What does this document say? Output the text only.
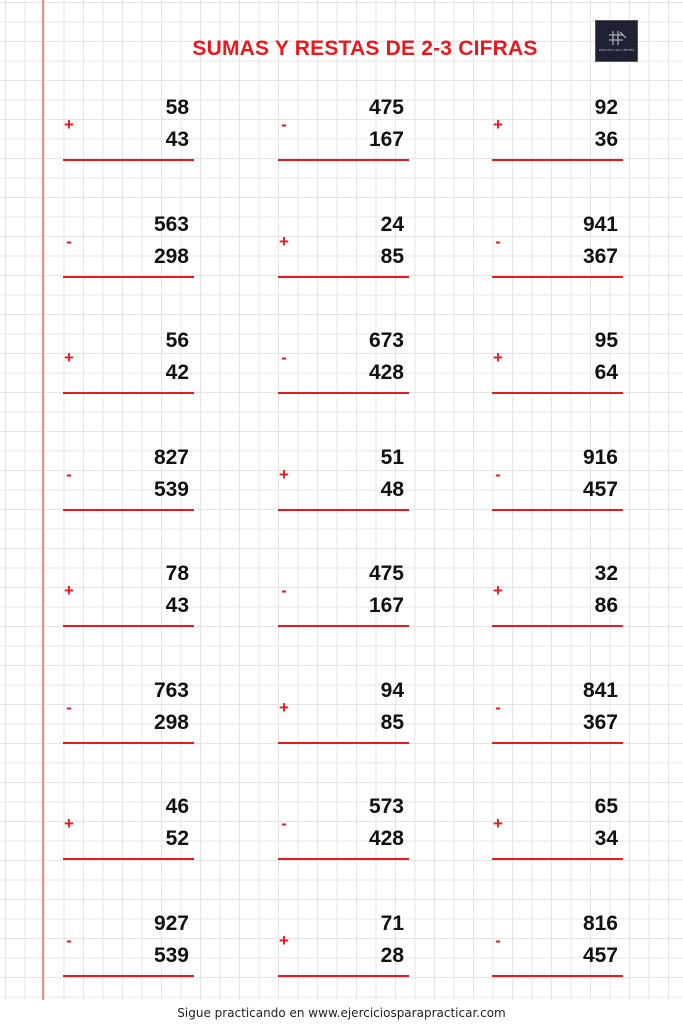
SUMAS Y RESTAS DE 2-3 CIFRAS	PRÁCTICA SIN LÍMITES
+
58
43
-
475
167
+
92
36
-
563
298
+
24
85
-
941
367
+
56
42
-
673
428
+
95
64
-
827
539
+
51
48
-
916
457
+
78
43
-
475
167
+
32
86
-
763
298
+
94
85
-
841
367
+
46
52
-
573
428
+
65
34
-
927
539
+
71
28
-
816
457
Sigue practicando en www.ejerciciosparapracticar.com
